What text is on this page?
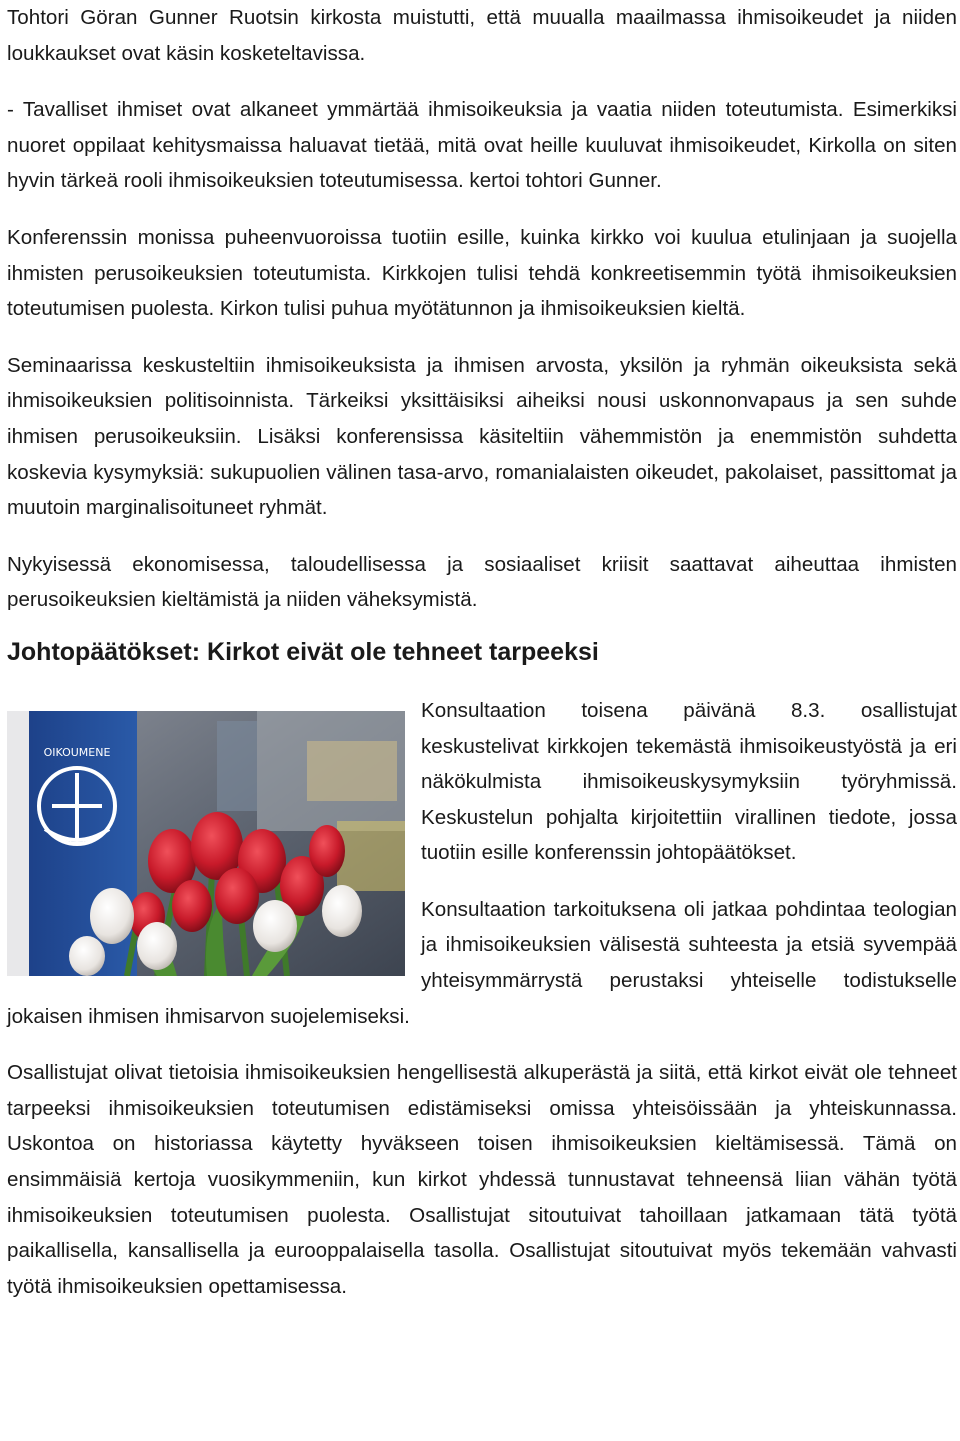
Tohtori Göran Gunner Ruotsin kirkosta muistutti, että muualla maailmassa ihmisoikeudet ja niiden loukkaukset ovat käsin kosketeltavissa.

- Tavalliset ihmiset ovat alkaneet ymmärtää ihmisoikeuksia ja vaatia niiden toteutumista. Esimerkiksi nuoret oppilaat kehitysmaissa haluavat tietää, mitä ovat heille kuuluvat ihmisoikeudet, Kirkolla on siten hyvin tärkeä rooli ihmisoikeuksien toteutumisessa. kertoi tohtori Gunner.

Konferenssin monissa puheenvuoroissa tuotiin esille, kuinka kirkko voi kuulua etulinjaan ja suojella ihmisten perusoikeuksien toteutumista. Kirkkojen tulisi tehdä konkreetisemmin työtä ihmisoikeuksien toteutumisen puolesta. Kirkon tulisi puhua myötätunnon ja ihmisoikeuksien kieltä.

Seminaarissa keskusteltiin ihmisoikeuksista ja ihmisen arvosta, yksilön ja ryhmän oikeuksista sekä ihmisoikeuksien politisoinnista. Tärkeiksi yksittäisiksi aiheiksi nousi uskonnonvapaus ja sen suhde ihmisen perusoikeuksiin. Lisäksi konferensissa käsiteltiin vähemmistön ja enemmistön suhdetta koskevia kysymyksiä: sukupuolien välinen tasa-arvo, romanialaisten oikeudet, pakolaiset, passittomat ja muutoin marginalisoituneet ryhmät.

Nykyisessä ekonomisessa, taloudellisessa ja sosiaaliset kriisit saattavat aiheuttaa ihmisten perusoikeuksien kieltämistä ja niiden väheksymistä.

Johtopäätökset: Kirkot eivät ole tehneet tarpeeksi
OIKOUMENE

Konsultaation toisena päivänä 8.3. osallistujat keskustelivat kirkkojen tekemästä ihmisoikeustyöstä ja eri näkökulmista ihmisoikeuskysymyksiin työryhmissä. Keskustelun pohjalta kirjoitettiin virallinen tiedote, jossa tuotiin esille konferenssin johtopäätökset.

Konsultaation tarkoituksena oli jatkaa pohdintaa teologian ja ihmisoikeuksien välisestä suhteesta ja etsiä syvempää yhteisymmärrystä perustaksi yhteiselle todistukselle jokaisen ihmisen ihmisarvon suojelemiseksi.

Osallistujat olivat tietoisia ihmisoikeuksien hengellisestä alkuperästä ja siitä, että kirkot eivät ole tehneet tarpeeksi ihmisoikeuksien toteutumisen edistämiseksi omissa yhteisöissään ja yhteiskunnassa. Uskontoa on historiassa käytetty hyväkseen toisen ihmisoikeuksien kieltämisessä. Tämä on ensimmäisiä kertoja vuosikymmeniin, kun kirkot yhdessä tunnustavat tehneensä liian vähän työtä ihmisoikeuksien toteutumisen puolesta. Osallistujat sitoutuivat tahoillaan jatkamaan tätä työtä paikallisella, kansallisella ja eurooppalaisella tasolla. Osallistujat sitoutuivat myös tekemään vahvasti työtä ihmisoikeuksien opettamisessa.
